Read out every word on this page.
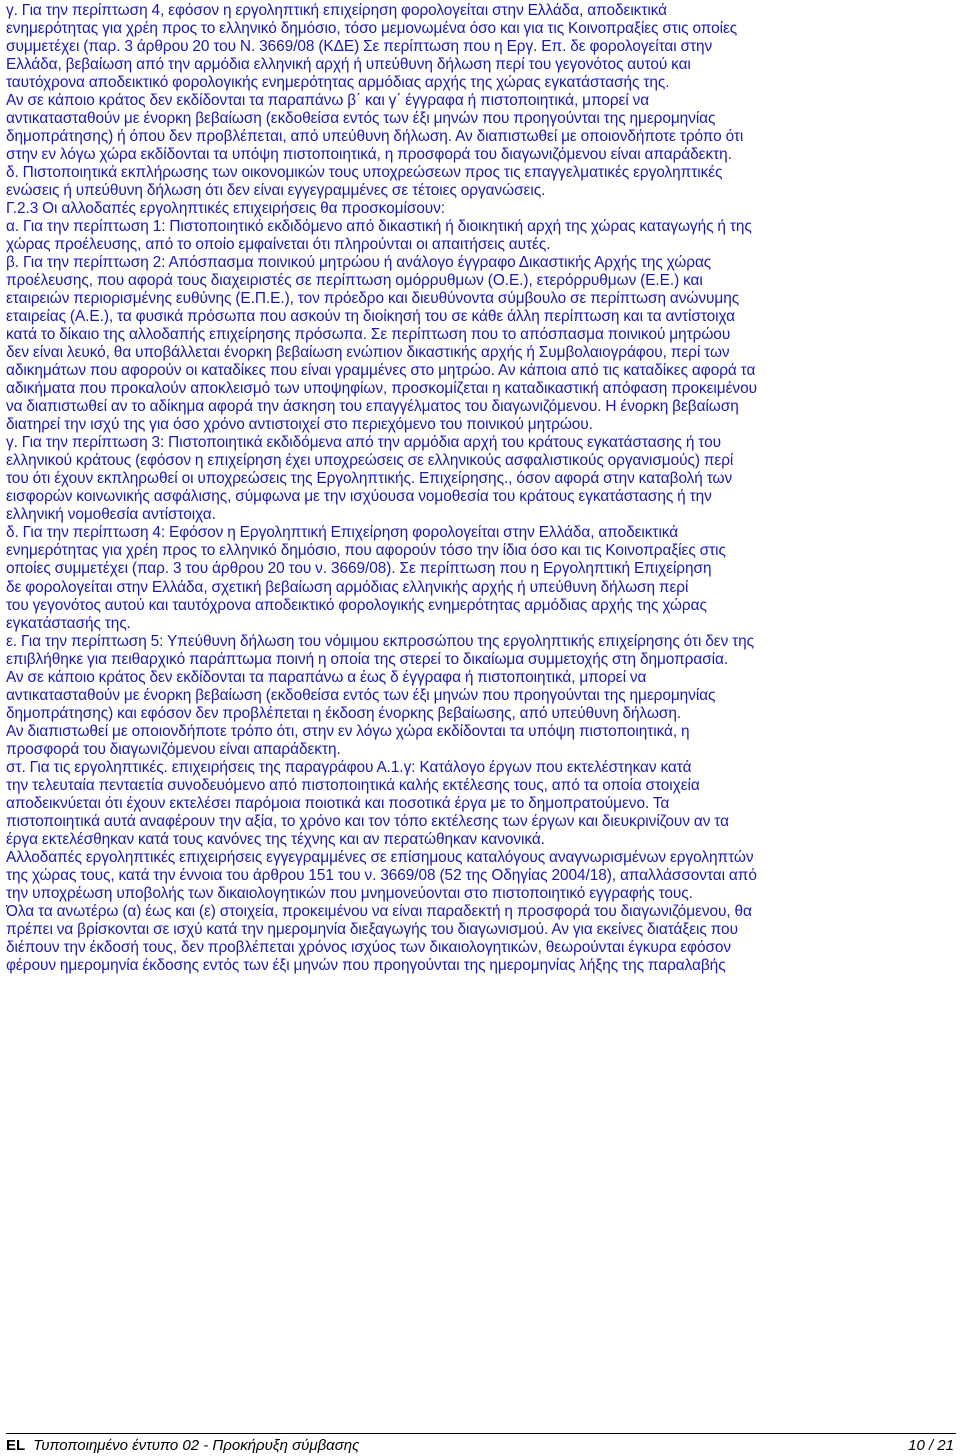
γ. Για την περίπτωση 4, εφόσον η εργοληπτική επιχείρηση φορολογείται στην Ελλάδα, αποδεικτικά
ενημερότητας για χρέη προς το ελληνικό δημόσιο, τόσο μεμονωμένα όσο και για τις Κοινοπραξίες στις οποίες
συμμετέχει (παρ. 3 άρθρου 20 του Ν. 3669/08 (ΚΔΕ) Σε περίπτωση που η Εργ. Επ. δε φορολογείται στην
Ελλάδα, βεβαίωση από την αρμόδια ελληνική αρχή ή υπεύθυνη δήλωση περί του γεγονότος αυτού και
ταυτόχρονα αποδεικτικό φορολογικής ενημερότητας αρμόδιας αρχής της χώρας εγκατάστασής της.
Αν σε κάποιο κράτος δεν εκδίδονται τα παραπάνω β΄ και γ΄ έγγραφα ή πιστοποιητικά, μπορεί να
αντικατασταθούν με ένορκη βεβαίωση (εκδοθείσα εντός των έξι μηνών που προηγούνται της ημερομηνίας
δημοπράτησης) ή όπου δεν προβλέπεται, από υπεύθυνη δήλωση. Αν διαπιστωθεί με οποιονδήποτε τρόπο ότι
στην εν λόγω χώρα εκδίδονται τα υπόψη πιστοποιητικά, η προσφορά του διαγωνιζόμενου είναι απαράδεκτη.
δ. Πιστοποιητικά εκπλήρωσης των οικονομικών τους υποχρεώσεων προς τις επαγγελματικές εργοληπτικές
ενώσεις ή υπεύθυνη δήλωση ότι δεν είναι εγγεγραμμένες σε τέτοιες οργανώσεις.
Γ.2.3 Οι αλλοδαπές εργοληπτικές επιχειρήσεις θα προσκομίσουν:
α. Για την περίπτωση 1: Πιστοποιητικό εκδιδόμενο από δικαστική ή διοικητική αρχή της χώρας καταγωγής ή της
χώρας προέλευσης, από το οποίο εμφαίνεται ότι πληρούνται οι απαιτήσεις αυτές.
β. Για την περίπτωση 2: Απόσπασμα ποινικού μητρώου ή ανάλογο έγγραφο Δικαστικής Αρχής της χώρας
προέλευσης, που αφορά τους διαχειριστές σε περίπτωση ομόρρυθμων (Ο.Ε.), ετερόρρυθμων (Ε.Ε.) και
εταιρειών περιορισμένης ευθύνης (Ε.Π.Ε.), τον πρόεδρο και διευθύνοντα σύμβουλο σε περίπτωση ανώνυμης
εταιρείας (Α.Ε.), τα φυσικά πρόσωπα που ασκούν τη διοίκησή του σε κάθε άλλη περίπτωση και τα αντίστοιχα
κατά το δίκαιο της αλλοδαπής επιχείρησης πρόσωπα. Σε περίπτωση που το απόσπασμα ποινικού μητρώου
δεν είναι λευκό, θα υποβάλλεται ένορκη βεβαίωση ενώπιον δικαστικής αρχής ή Συμβολαιογράφου, περί των
αδικημάτων που αφορούν οι καταδίκες που είναι γραμμένες στο μητρώο. Αν κάποια από τις καταδίκες αφορά τα
αδικήματα που προκαλούν αποκλεισμό των υποψηφίων, προσκομίζεται η καταδικαστική απόφαση προκειμένου
να διαπιστωθεί αν το αδίκημα αφορά την άσκηση του επαγγέλματος του διαγωνιζόμενου. Η ένορκη βεβαίωση
διατηρεί την ισχύ της για όσο χρόνο αντιστοιχεί στο περιεχόμενο του ποινικού μητρώου.
γ. Για την περίπτωση 3: Πιστοποιητικά εκδιδόμενα από την αρμόδια αρχή του κράτους εγκατάστασης ή του
ελληνικού κράτους (εφόσον η επιχείρηση έχει υποχρεώσεις σε ελληνικούς ασφαλιστικούς οργανισμούς) περί
του ότι έχουν εκπληρωθεί οι υποχρεώσεις της Εργοληπτικής. Επιχείρησης., όσον αφορά στην καταβολή των
εισφορών κοινωνικής ασφάλισης, σύμφωνα με την ισχύουσα νομοθεσία του κράτους εγκατάστασης ή την
ελληνική νομοθεσία αντίστοιχα.
δ. Για την περίπτωση 4: Εφόσον η Εργοληπτική Επιχείρηση φορολογείται στην Ελλάδα, αποδεικτικά
ενημερότητας για χρέη προς το ελληνικό δημόσιο, που αφορούν τόσο την ίδια όσο και τις Κοινοπραξίες στις
οποίες συμμετέχει (παρ. 3 του άρθρου 20 του ν. 3669/08). Σε περίπτωση που η Εργοληπτική Επιχείρηση
δε φορολογείται στην Ελλάδα, σχετική βεβαίωση αρμόδιας ελληνικής αρχής ή υπεύθυνη δήλωση περί
του γεγονότος αυτού και ταυτόχρονα αποδεικτικό φορολογικής ενημερότητας αρμόδιας αρχής της χώρας
εγκατάστασής της.
ε. Για την περίπτωση 5: Υπεύθυνη δήλωση του νόμιμου εκπροσώπου της εργοληπτικής επιχείρησης ότι δεν της
επιβλήθηκε για πειθαρχικό παράπτωμα ποινή η οποία της στερεί το δικαίωμα συμμετοχής στη δημοπρασία.
Αν σε κάποιο κράτος δεν εκδίδονται τα παραπάνω α έως δ έγγραφα ή πιστοποιητικά, μπορεί να
αντικατασταθούν με ένορκη βεβαίωση (εκδοθείσα εντός των έξι μηνών που προηγούνται της ημερομηνίας
δημοπράτησης) και εφόσον δεν προβλέπεται η έκδοση ένορκης βεβαίωσης, από υπεύθυνη δήλωση.
Αν διαπιστωθεί με οποιονδήποτε τρόπο ότι, στην εν λόγω χώρα εκδίδονται τα υπόψη πιστοποιητικά, η
προσφορά του διαγωνιζόμενου είναι απαράδεκτη.
στ. Για τις εργοληπτικές. επιχειρήσεις της παραγράφου Α.1.γ: Κατάλογο έργων που εκτελέστηκαν κατά
την τελευταία πενταετία συνοδευόμενο από πιστοποιητικά καλής εκτέλεσης τους, από τα οποία στοιχεία
αποδεικνύεται ότι έχουν εκτελέσει παρόμοια ποιοτικά και ποσοτικά έργα με το δημοπρατούμενο. Τα
πιστοποιητικά αυτά αναφέρουν την αξία, το χρόνο και τον τόπο εκτέλεσης των έργων και διευκρινίζουν αν τα
έργα εκτελέσθηκαν κατά τους κανόνες της τέχνης και αν περατώθηκαν κανονικά.
Αλλοδαπές εργοληπτικές επιχειρήσεις εγγεγραμμένες σε επίσημους καταλόγους αναγνωρισμένων εργοληπτών
της χώρας τους, κατά την έννοια του άρθρου 151 του ν. 3669/08 (52 της Οδηγίας 2004/18), απαλλάσσονται από
την υποχρέωση υποβολής των δικαιολογητικών που μνημονεύονται στο πιστοποιητικό εγγραφής τους.
Όλα τα ανωτέρω (α) έως και (ε) στοιχεία, προκειμένου να είναι παραδεκτή η προσφορά του διαγωνιζόμενου, θα
πρέπει να βρίσκονται σε ισχύ κατά την ημερομηνία διεξαγωγής του διαγωνισμού. Αν για εκείνες διατάξεις που
διέπουν την έκδοσή τους, δεν προβλέπεται χρόνος ισχύος των δικαιολογητικών, θεωρούνται έγκυρα εφόσον
φέρουν ημερομηνία έκδοσης εντός των έξι μηνών που προηγούνται της ημερομηνίας λήξης της παραλαβής
EL Τυποποιημένο έντυπο 02 - Προκήρυξη σύμβασης	10 / 21
